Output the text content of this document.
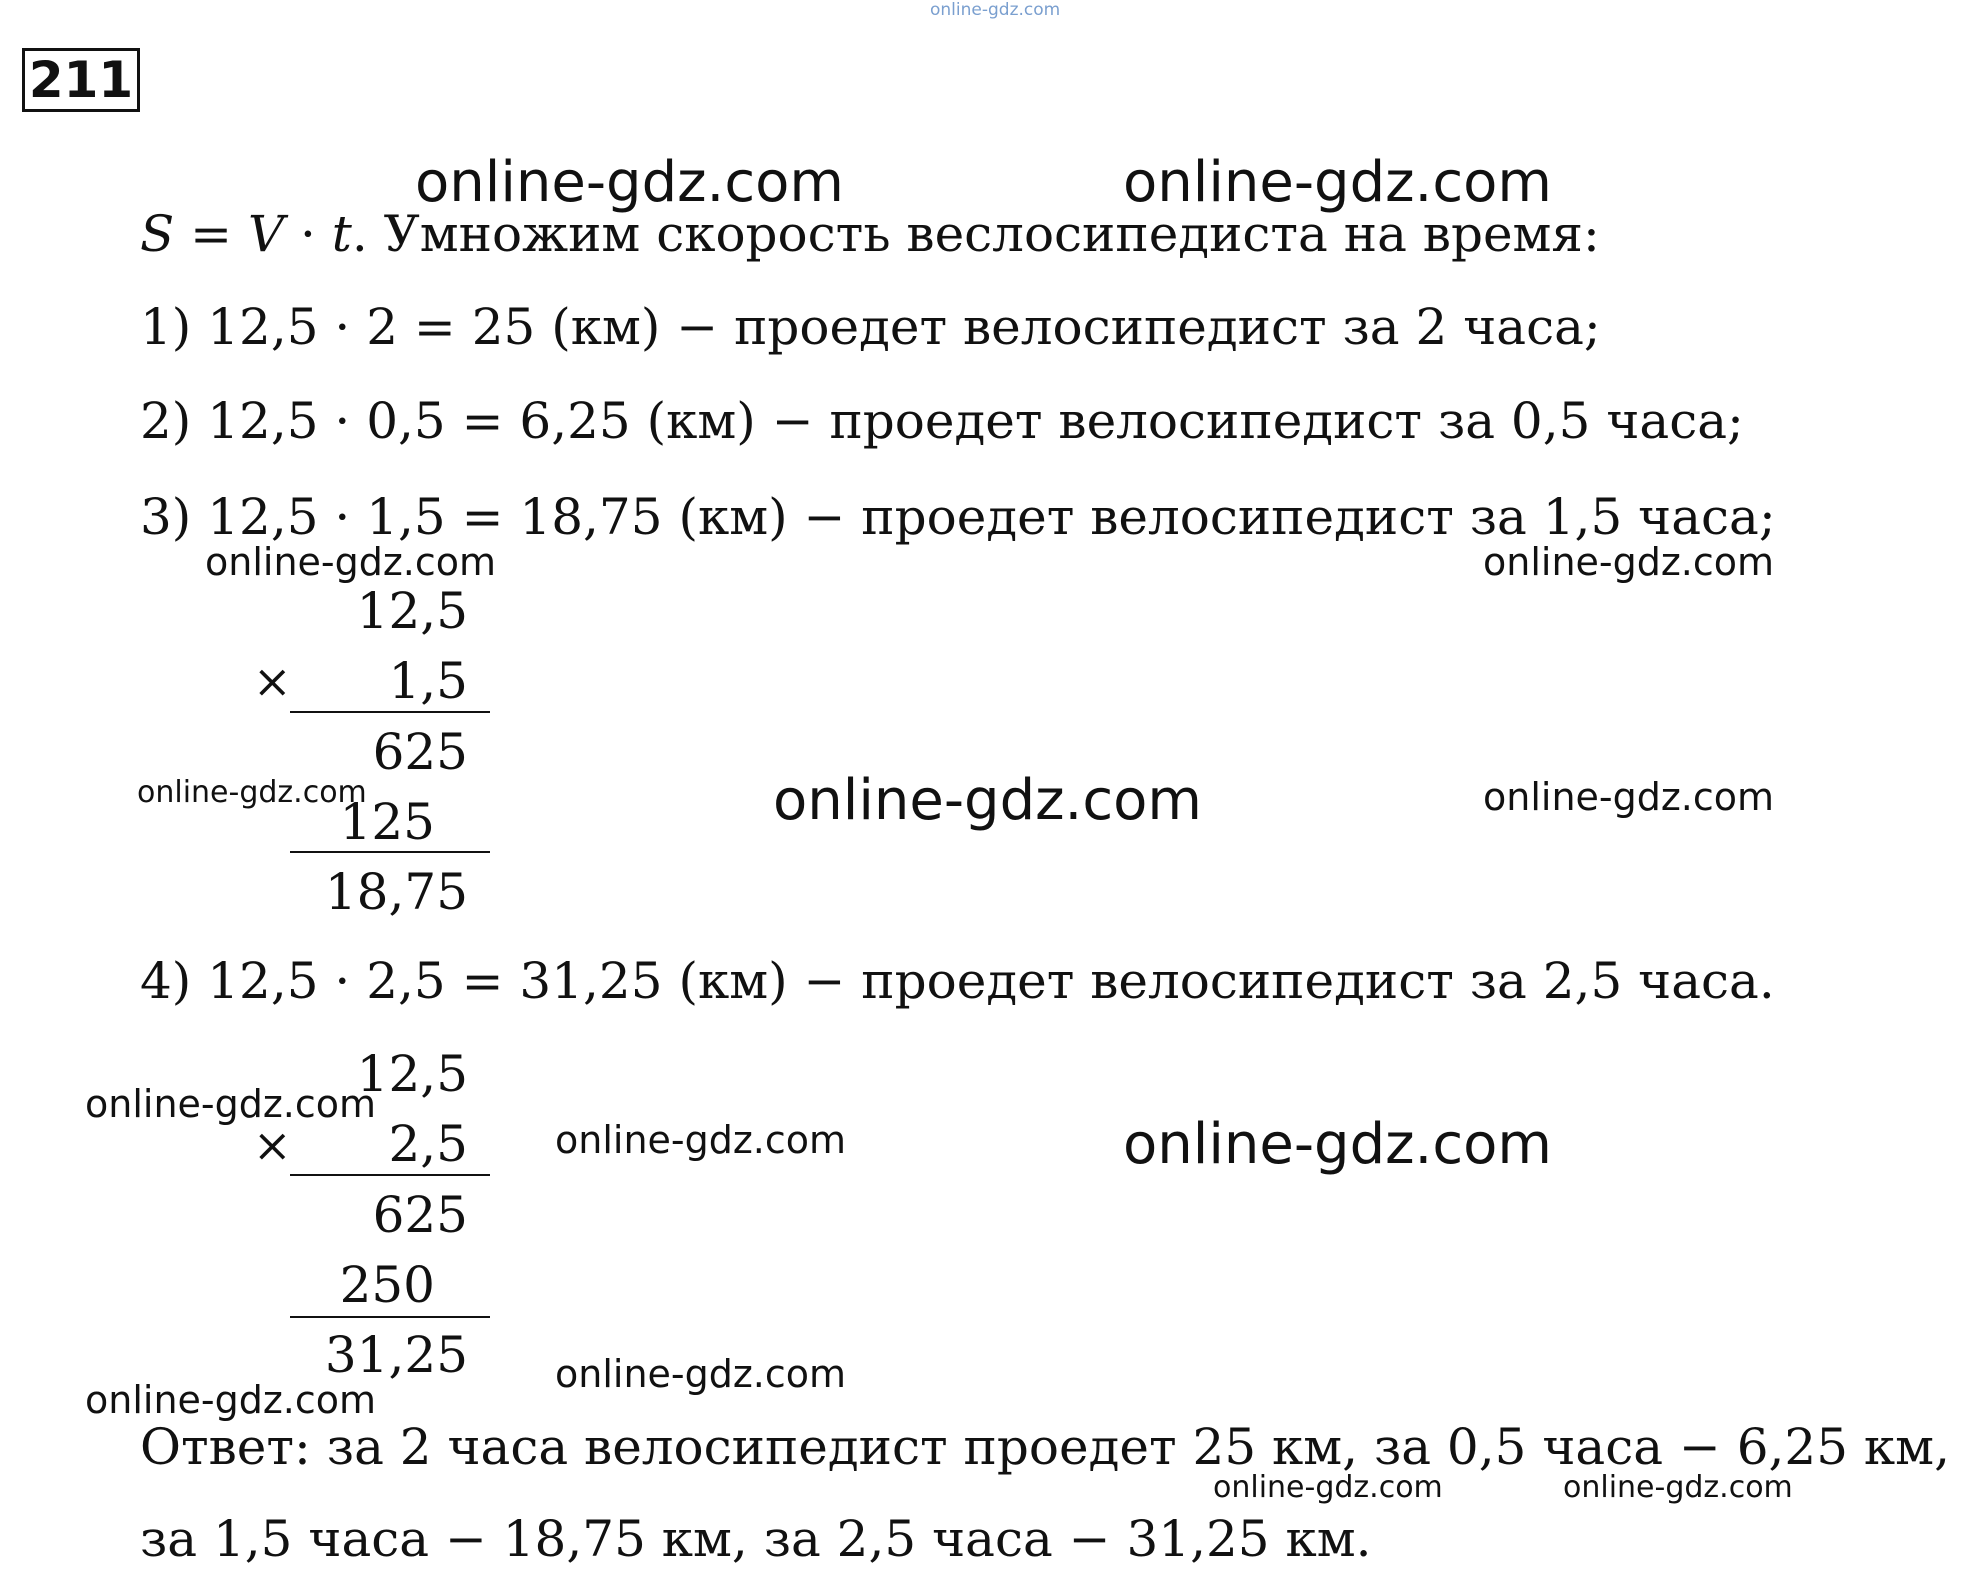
online-gdz.com
211
online-gdz.com	online-gdz.com
S = V · t. Умножим скорость веслосипедиста на время:
1) 12,5 · 2 = 25 (км) − проедет велосипедист за 2 часа;
2) 12,5 · 0,5 = 6,25 (км) − проедет велосипедист за 0,5 часа;
3) 12,5 · 1,5 = 18,75 (км) − проедет велосипедист за 1,5 часа;
online-gdz.com	online-gdz.com
12,5
×	1,5
625
online-gdz.com	online-gdz.com	online-gdz.com
125
18,75
4) 12,5 · 2,5 = 31,25 (км) − проедет велосипедист за 2,5 часа.
online-gdz.com
12,5
×	2,5 online-gdz.com	online-gdz.com
625
250
31,25 online-gdz.com
online-gdz.com
Ответ: за 2 часа велосипедист проедет 25 км, за 0,5 часа − 6,25 км,
online-gdz.com	online-gdz.com
за 1,5 часа − 18,75 км, за 2,5 часа − 31,25 км.
